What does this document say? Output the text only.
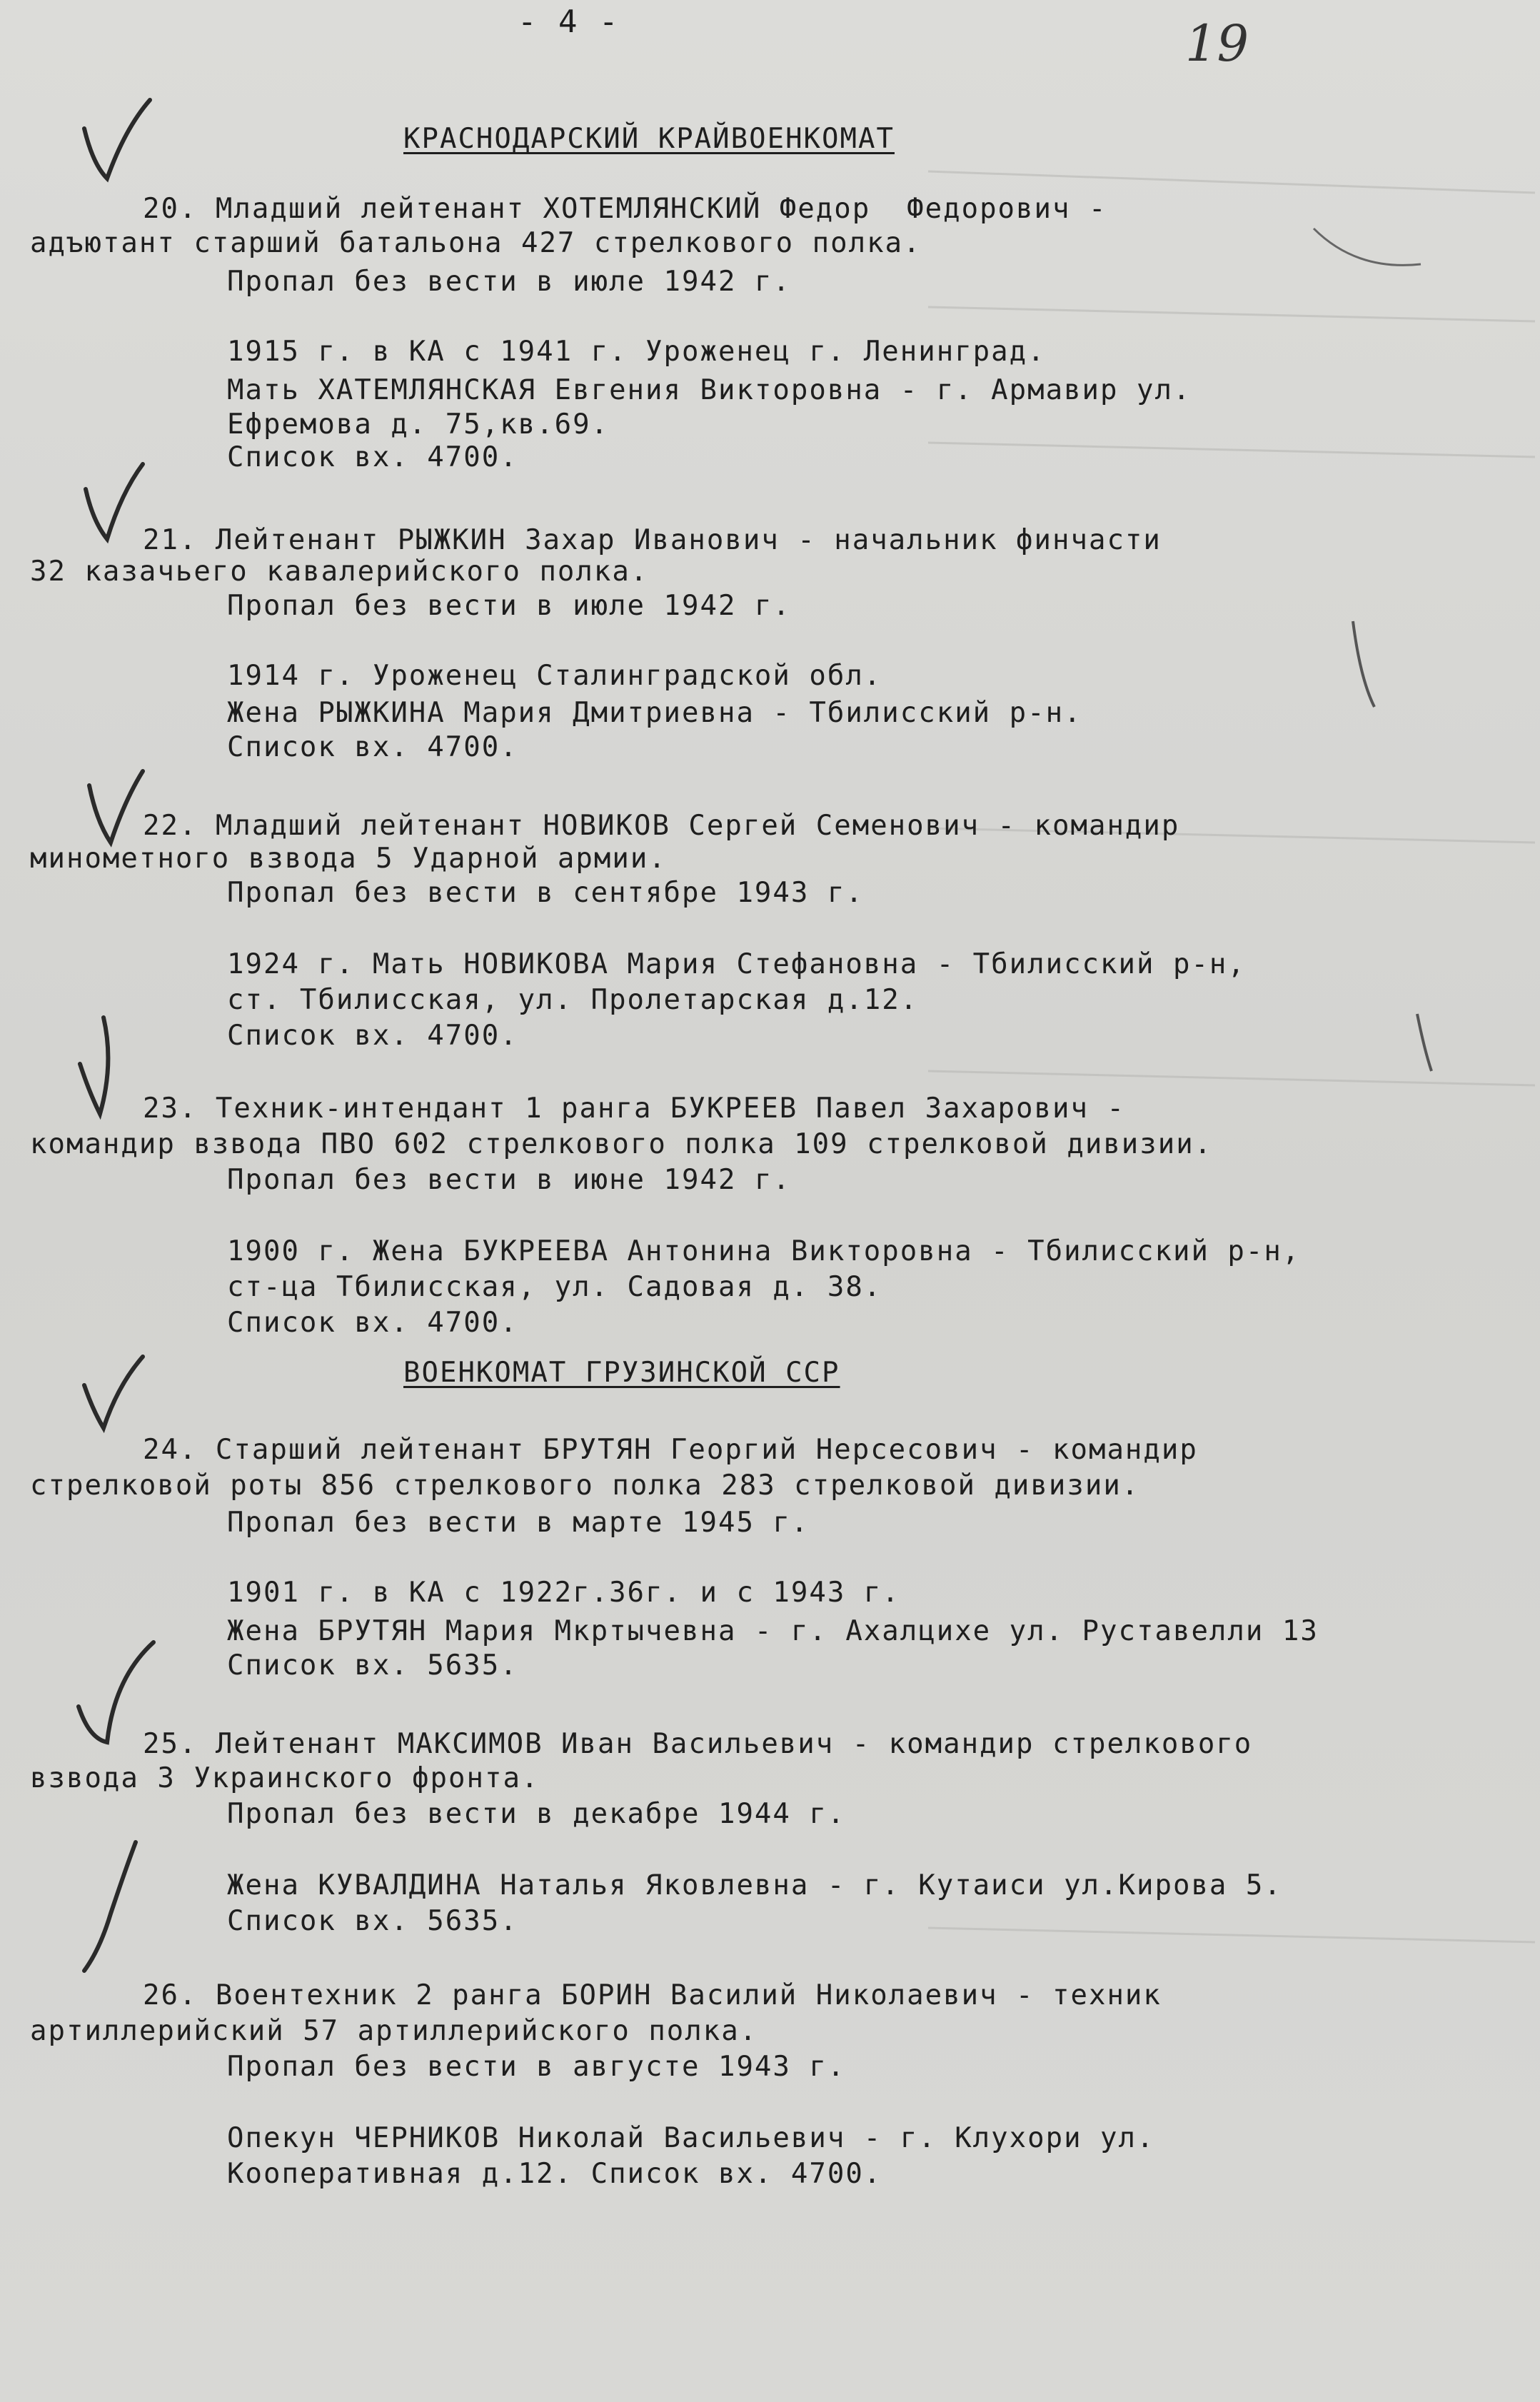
- 4 -	19
КРАСНОДАРСКИЙ КРАЙВОЕНКОМАТ
20. Младший лейтенант ХОТЕМЛЯНСКИЙ Федор  Федорович -
адъютант старший батальона 427 стрелкового полка.
Пропал без вести в июле 1942 г.
1915 г. в КА с 1941 г. Уроженец г. Ленинград.
Мать ХАТЕМЛЯНСКАЯ Евгения Викторовна - г. Армавир ул.
Ефремова д. 75,кв.69.
Список вх. 4700.
21. Лейтенант РЫЖКИН Захар Иванович - начальник финчасти
32 казачьего кавалерийского полка.
Пропал без вести в июле 1942 г.
1914 г. Уроженец Сталинградской обл.
Жена РЫЖКИНА Мария Дмитриевна - Тбилисский р-н.
Список вх. 4700.
22. Младший лейтенант НОВИКОВ Сергей Семенович - командир
минометного взвода 5 Ударной армии.
Пропал без вести в сентябре 1943 г.
1924 г. Мать НОВИКОВА Мария Стефановна - Тбилисский р-н,
ст. Тбилисская, ул. Пролетарская д.12.
Список вх. 4700.
23. Техник-интендант 1 ранга БУКРЕЕВ Павел Захарович -
командир взвода ПВО 602 стрелкового полка 109 стрелковой дивизии.
Пропал без вести в июне 1942 г.
1900 г. Жена БУКРЕЕВА Антонина Викторовна - Тбилисский р-н,
ст-ца Тбилисская, ул. Садовая д. 38.
Список вх. 4700.
ВОЕНКОМАТ ГРУЗИНСКОЙ ССР
24. Старший лейтенант БРУТЯН Георгий Нерсесович - командир
стрелковой роты 856 стрелкового полка 283 стрелковой дивизии.
Пропал без вести в марте 1945 г.
1901 г. в КА с 1922г.36г. и с 1943 г.
Жена БРУТЯН Мария Мкртычевна - г. Ахалцихе ул. Руставелли 13
Список вх. 5635.
25. Лейтенант МАКСИМОВ Иван Васильевич - командир стрелкового
взвода 3 Украинского фронта.
Пропал без вести в декабре 1944 г.
Жена КУВАЛДИНА Наталья Яковлевна - г. Кутаиси ул.Кирова 5.
Список вх. 5635.
26. Воентехник 2 ранга БОРИН Василий Николаевич - техник
артиллерийский 57 артиллерийского полка.
Пропал без вести в августе 1943 г.
Опекун ЧЕРНИКОВ Николай Васильевич - г. Клухори ул.
Кооперативная д.12. Список вх. 4700.
